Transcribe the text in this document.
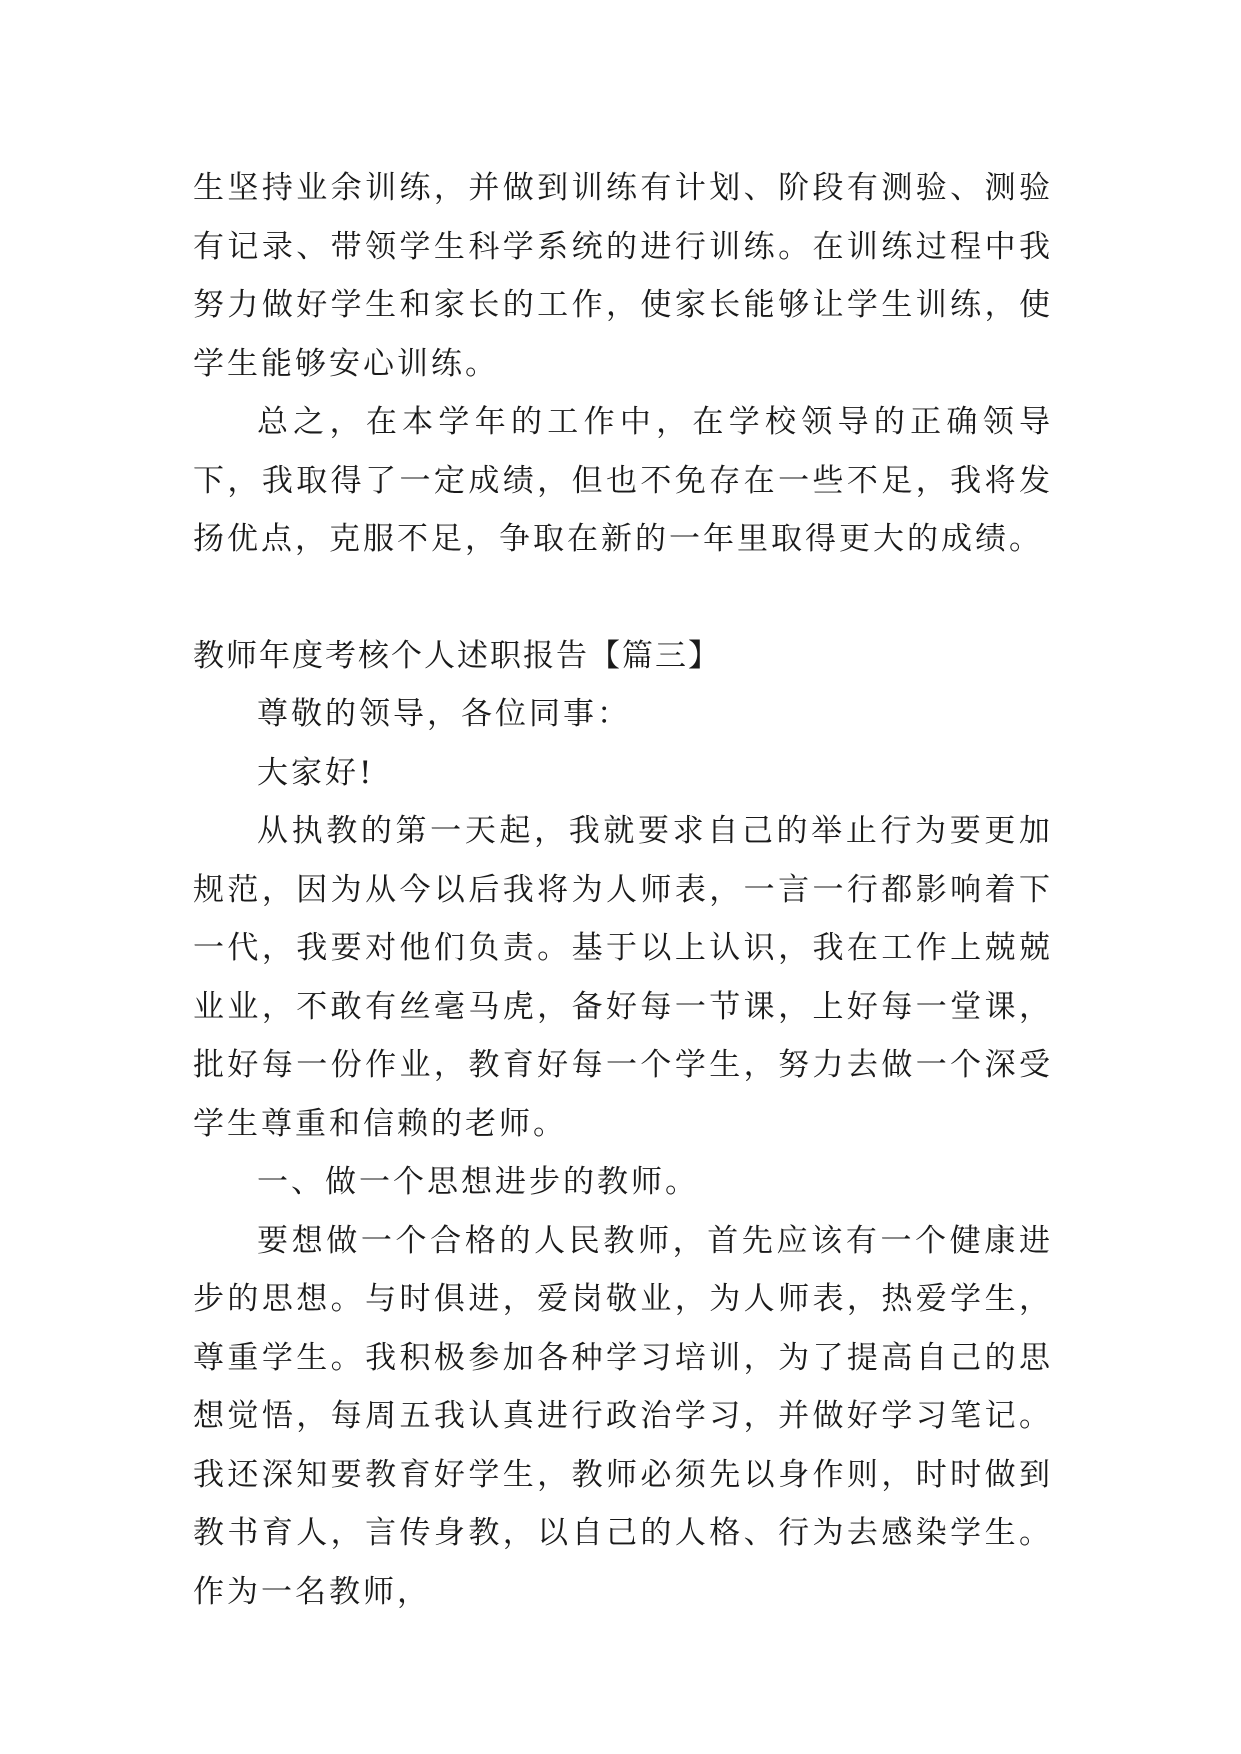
生坚持业余训练，并做到训练有计划、阶段有测验、测验有记录、带领学生科学系统的进行训练。在训练过程中我努力做好学生和家长的工作，使家长能够让学生训练，使学生能够安心训练。

总之，在本学年的工作中，在学校领导的正确领导下，我取得了一定成绩，但也不免存在一些不足，我将发扬优点，克服不足，争取在新的一年里取得更大的成绩。

教师年度考核个人述职报告【篇三】

尊敬的领导，各位同事：

大家好!

从执教的第一天起，我就要求自己的举止行为要更加规范，因为从今以后我将为人师表，一言一行都影响着下一代，我要对他们负责。基于以上认识，我在工作上兢兢业业，不敢有丝毫马虎，备好每一节课，上好每一堂课，批好每一份作业，教育好每一个学生，努力去做一个深受学生尊重和信赖的老师。

一、做一个思想进步的教师。

要想做一个合格的人民教师，首先应该有一个健康进步的思想。与时俱进，爱岗敬业，为人师表，热爱学生，尊重学生。我积极参加各种学习培训，为了提高自己的思想觉悟，每周五我认真进行政治学习，并做好学习笔记。我还深知要教育好学生，教师必须先以身作则，时时做到教书育人，言传身教，以自己的人格、行为去感染学生。作为一名教师，
